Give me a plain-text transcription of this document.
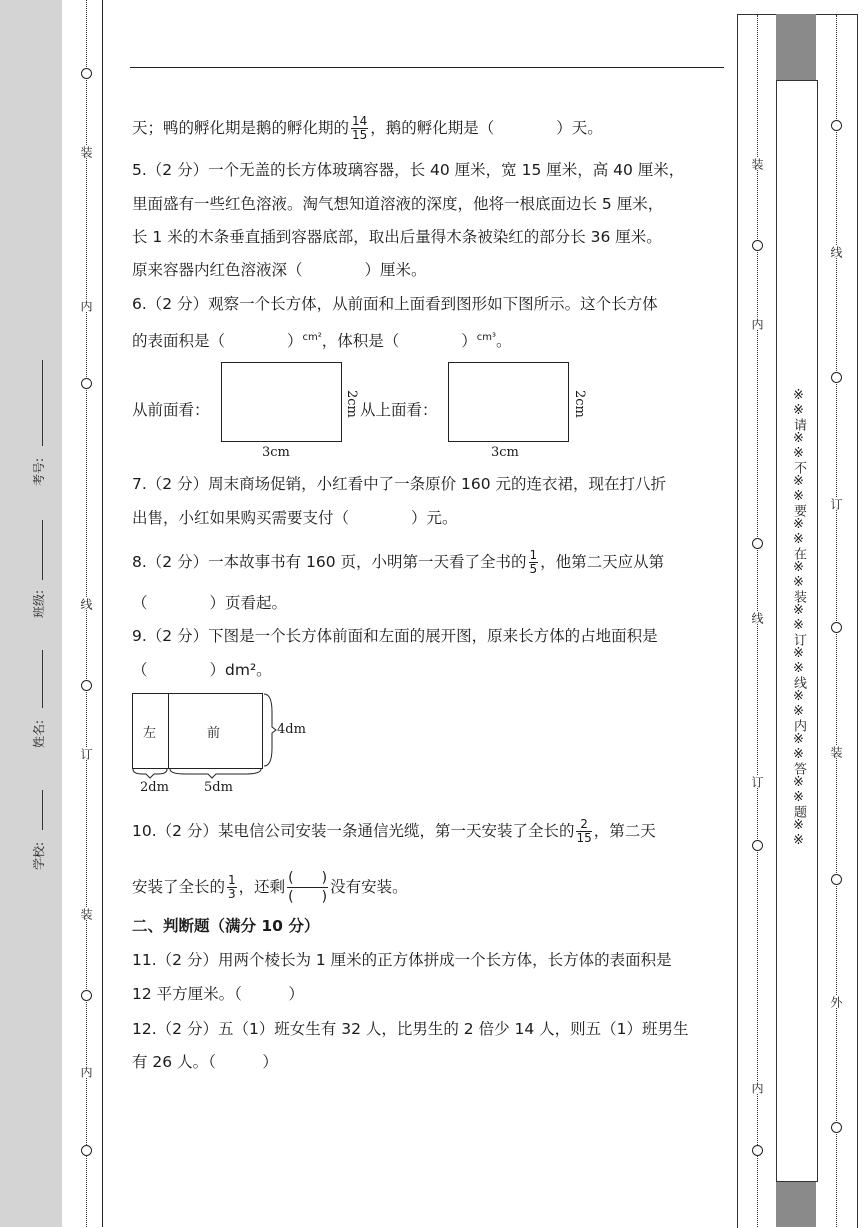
装
内
线
订
装
内
学校:
姓名:
班级:
考号:	※※请※※不※※要※※在※※装※※订※※线※※内※※答※※题※※
装
内
订
线
内
线
订
装
外
天；鸭的孵化期是鹅的孵化期的 $\frac{14}{15}$ ，鹅的孵化期是（　　　　）天。
5.（2 分）一个无盖的长方体玻璃容器，长 40 厘米，宽 15 厘米，高 40 厘米，
里面盛有一些红色溶液。淘气想知道溶液的深度，他将一根底面边长 5 厘米，
长 1 米的木条垂直插到容器底部，取出后量得木条被染红的部分长 36 厘米。
原来容器内红色溶液深（　　　　）厘米。
6.（2 分）观察一个长方体，从前面和上面看到图形如下图所示。这个长方体
的表面积是（　　　　）$^{cm^2}$，体积是（　　　　）$^{cm^3}$。
从前面看：
3cm
2cm 从上面看：
3cm
2cm
7.（2 分）周末商场促销，小红看中了一条原价 160 元的连衣裙，现在打八折
出售，小红如果购买需要支付（　　　　）元。
8.（2 分）一本故事书有 160 页，小明第一天看了全书的 $\frac{1}{5}$ ，他第二天应从第
（　　　　）页看起。
9.（2 分）下图是一个长方体前面和左面的展开图，原来长方体的占地面积是
（　　　　）dm²。
左	前	4dm
2dm	5dm
10.（2 分）某电信公司安装一条通信光缆，第一天安装了全长的 $\frac{2}{15}$ ，第二天
安装了全长的 $\frac{1}{3}$ ，还剩 $\frac{( )}{( )}$ 没有安装。
二、判断题（满分 10 分）
11.（2 分）用两个棱长为 1 厘米的正方体拼成一个长方体，长方体的表面积是
12 平方厘米。（　　　）
12.（2 分）五（1）班女生有 32 人，比男生的 2 倍少 14 人，则五（1）班男生
有 26 人。（　　　）
